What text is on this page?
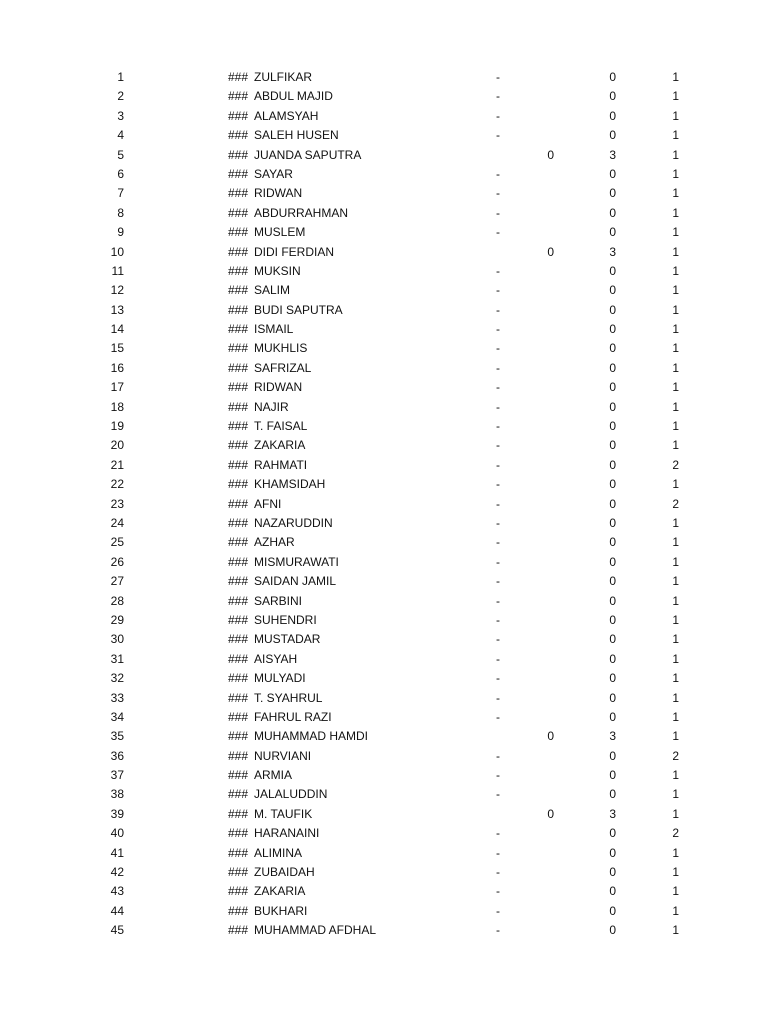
1	### ZULFIKAR	-	0	1
2	### ABDUL MAJID	-	0	1
3	### ALAMSYAH	-	0	1
4	### SALEH HUSEN	-	0	1
5	### JUANDA SAPUTRA	0	3	1
6	### SAYAR	-	0	1
7	### RIDWAN	-	0	1
8	### ABDURRAHMAN	-	0	1
9	### MUSLEM	-	0	1
10	### DIDI FERDIAN	0	3	1
11	### MUKSIN	-	0	1
12	### SALIM	-	0	1
13	### BUDI SAPUTRA	-	0	1
14	### ISMAIL	-	0	1
15	### MUKHLIS	-	0	1
16	### SAFRIZAL	-	0	1
17	### RIDWAN	-	0	1
18	### NAJIR	-	0	1
19	### T. FAISAL	-	0	1
20	### ZAKARIA	-	0	1
21	### RAHMATI	-	0	2
22	### KHAMSIDAH	-	0	1
23	### AFNI	-	0	2
24	### NAZARUDDIN	-	0	1
25	### AZHAR	-	0	1
26	### MISMURAWATI	-	0	1
27	### SAIDAN JAMIL	-	0	1
28	### SARBINI	-	0	1
29	### SUHENDRI	-	0	1
30	### MUSTADAR	-	0	1
31	### AISYAH	-	0	1
32	### MULYADI	-	0	1
33	### T. SYAHRUL	-	0	1
34	### FAHRUL RAZI	-	0	1
35	### MUHAMMAD HAMDI	0	3	1
36	### NURVIANI	-	0	2
37	### ARMIA	-	0	1
38	### JALALUDDIN	-	0	1
39	### M. TAUFIK	0	3	1
40	### HARANAINI	-	0	2
41	### ALIMINA	-	0	1
42	### ZUBAIDAH	-	0	1
43	### ZAKARIA	-	0	1
44	### BUKHARI	-	0	1
45	### MUHAMMAD AFDHAL	-	0	1
